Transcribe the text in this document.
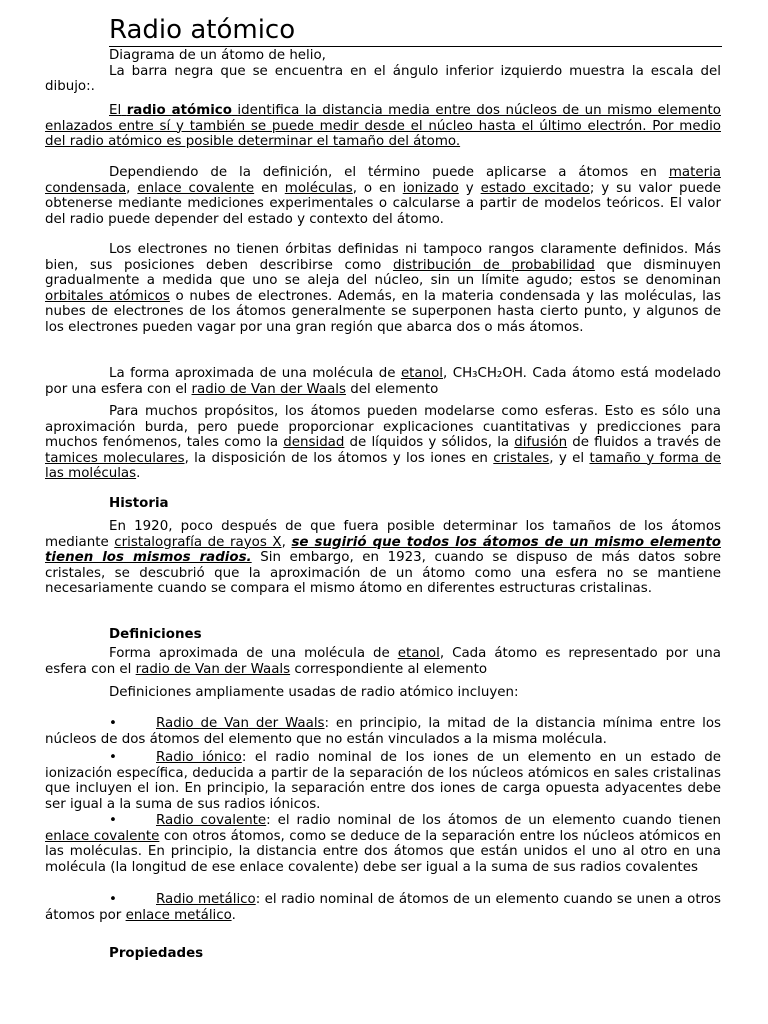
Radio atómico
Diagrama de un átomo de helio,
La barra negra que se encuentra en el ángulo inferior izquierdo muestra la escala del dibujo:.
El radio atómico identifica la distancia media entre dos núcleos de un mismo elemento enlazados entre sí y también se puede medir desde el núcleo hasta el último electrón. Por medio del radio atómico es posible determinar el tamaño del átomo.
Dependiendo de la definición, el término puede aplicarse a átomos en materia condensada, enlace covalente en moléculas, o en ionizado y estado excitado; y su valor puede obtenerse mediante mediciones experimentales o calcularse a partir de modelos teóricos. El valor del radio puede depender del estado y contexto del átomo.
Los electrones no tienen órbitas definidas ni tampoco rangos claramente definidos. Más bien, sus posiciones deben describirse como distribución de probabilidad que disminuyen gradualmente a medida que uno se aleja del núcleo, sin un límite agudo; estos se denominan orbitales atómicos o nubes de electrones. Además, en la materia condensada y las moléculas, las nubes de electrones de los átomos generalmente se superponen hasta cierto punto, y algunos de los electrones pueden vagar por una gran región que abarca dos o más átomos.
La forma aproximada de una molécula de etanol, CH₃CH₂OH. Cada átomo está modelado por una esfera con el radio de Van der Waals del elemento
Para muchos propósitos, los átomos pueden modelarse como esferas. Esto es sólo una aproximación burda, pero puede proporcionar explicaciones cuantitativas y predicciones para muchos fenómenos, tales como la densidad de líquidos y sólidos, la difusión de fluidos a través de tamices moleculares, la disposición de los átomos y los iones en cristales, y el tamaño y forma de las moléculas.
Historia
En 1920, poco después de que fuera posible determinar los tamaños de los átomos mediante cristalografía de rayos X, se sugirió que todos los átomos de un mismo elemento tienen los mismos radios. Sin embargo, en 1923, cuando se dispuso de más datos sobre cristales, se descubrió que la aproximación de un átomo como una esfera no se mantiene necesariamente cuando se compara el mismo átomo en diferentes estructuras cristalinas.
Definiciones
Forma aproximada de una molécula de etanol, Cada átomo es representado por una esfera con el radio de Van der Waals correspondiente al elemento
Definiciones ampliamente usadas de radio atómico incluyen:
•	Radio de Van der Waals: en principio, la mitad de la distancia mínima entre los núcleos de dos átomos del elemento que no están vinculados a la misma molécula.
•	Radio iónico: el radio nominal de los iones de un elemento en un estado de ionización específica, deducida a partir de la separación de los núcleos atómicos en sales cristalinas que incluyen el ion. En principio, la separación entre dos iones de carga opuesta adyacentes debe ser igual a la suma de sus radios iónicos.
•	Radio covalente: el radio nominal de los átomos de un elemento cuando tienen enlace covalente con otros átomos, como se deduce de la separación entre los núcleos atómicos en las moléculas. En principio, la distancia entre dos átomos que están unidos el uno al otro en una molécula (la longitud de ese enlace covalente) debe ser igual a la suma de sus radios covalentes
•	Radio metálico: el radio nominal de átomos de un elemento cuando se unen a otros átomos por enlace metálico.
Propiedades
